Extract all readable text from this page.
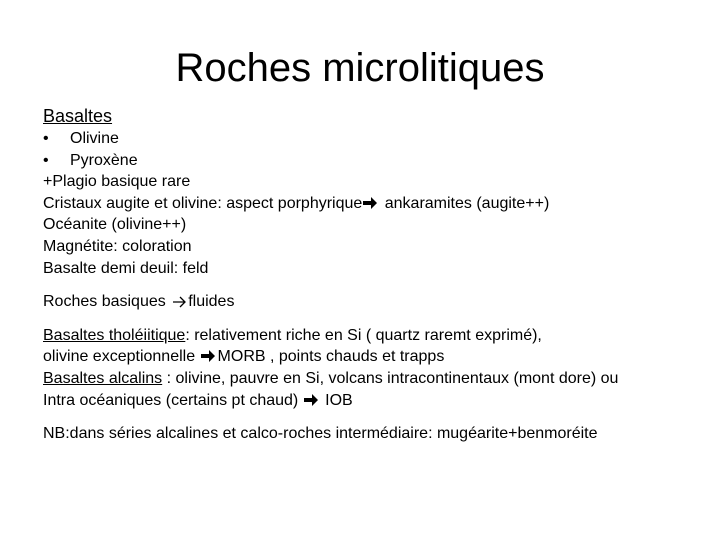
Roches microlitiques
Basaltes
• Olivine
• Pyroxène
+Plagio basique rare
Cristaux augite et olivine: aspect porphyrique ankaramites (augite++)
Océanite (olivine++)
Magnétite: coloration
Basalte demi deuil: feld
Roches basiques fluides
Basaltes tholéiitique: relativement riche en Si ( quartz raremt exprimé),
olivine exceptionnelle MORB , points chauds et trapps
Basaltes alcalins : olivine, pauvre en Si, volcans intracontinentaux (mont dore) ou
Intra océaniques (certains pt chaud)  IOB
NB:dans séries alcalines et calco-roches intermédiaire: mugéarite+benmoréite
